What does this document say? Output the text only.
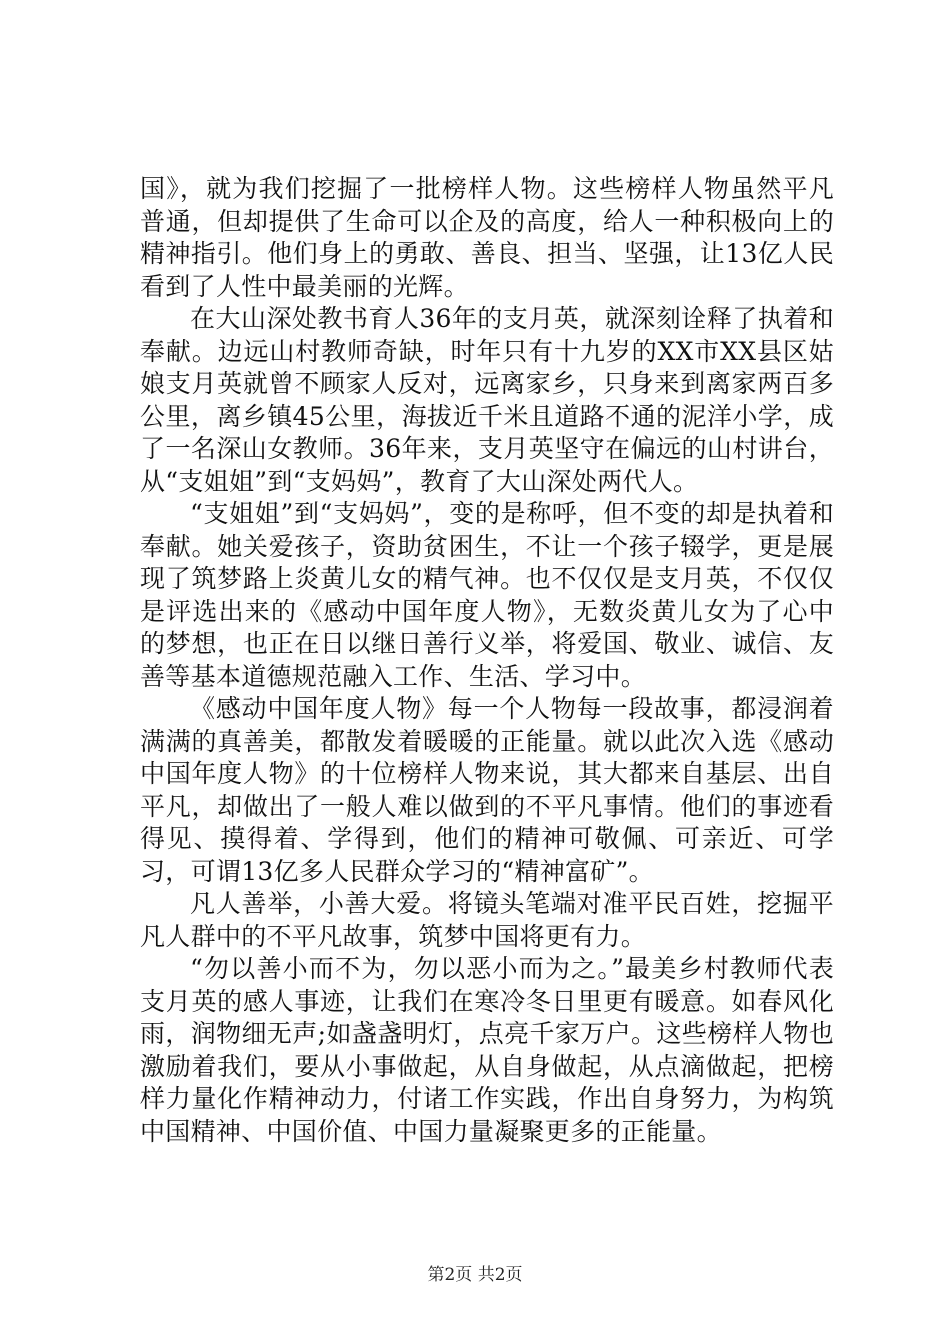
国》，就为我们挖掘了一批榜样人物。这些榜样人物虽然平凡普通，但却提供了生命可以企及的高度，给人一种积极向上的精神指引。他们身上的勇敢、善良、担当、坚强，让13亿人民看到了人性中最美丽的光辉。

在大山深处教书育人36年的支月英，就深刻诠释了执着和奉献。边远山村教师奇缺，时年只有十九岁的XX市XX县区姑娘支月英就曾不顾家人反对，远离家乡，只身来到离家两百多公里，离乡镇45公里，海拔近千米且道路不通的泥洋小学，成了一名深山女教师。36年来，支月英坚守在偏远的山村讲台，从“支姐姐”到“支妈妈”，教育了大山深处两代人。

“支姐姐”到“支妈妈”，变的是称呼，但不变的却是执着和奉献。她关爱孩子，资助贫困生，不让一个孩子辍学，更是展现了筑梦路上炎黄儿女的精气神。也不仅仅是支月英，不仅仅是评选出来的《感动中国年度人物》，无数炎黄儿女为了心中的梦想，也正在日以继日善行义举，将爱国、敬业、诚信、友善等基本道德规范融入工作、生活、学习中。

《感动中国年度人物》每一个人物每一段故事，都浸润着满满的真善美，都散发着暖暖的正能量。就以此次入选《感动中国年度人物》的十位榜样人物来说，其大都来自基层、出自平凡，却做出了一般人难以做到的不平凡事情。他们的事迹看得见、摸得着、学得到，他们的精神可敬佩、可亲近、可学习，可谓13亿多人民群众学习的“精神富矿”。

凡人善举，小善大爱。将镜头笔端对准平民百姓，挖掘平凡人群中的不平凡故事，筑梦中国将更有力。

“勿以善小而不为，勿以恶小而为之。”最美乡村教师代表支月英的感人事迹，让我们在寒冷冬日里更有暖意。如春风化雨，润物细无声;如盏盏明灯，点亮千家万户。这些榜样人物也激励着我们，要从小事做起，从自身做起，从点滴做起，把榜样力量化作精神动力，付诸工作实践，作出自身努力，为构筑中国精神、中国价值、中国力量凝聚更多的正能量。

第2页 共2页
